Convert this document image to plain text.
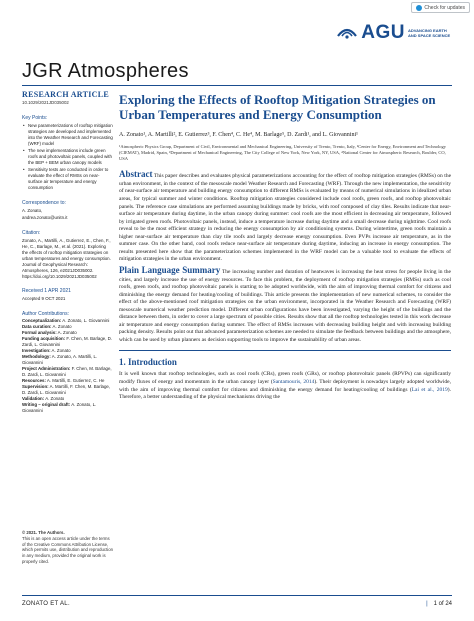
Check for updates
AGU ADVANCING EARTH AND SPACE SCIENCE
JGR Atmospheres
RESEARCH ARTICLE
10.1029/2021JD035002
Key Points:
• New parameterizations of rooftop mitigation strategies are developed and implemented into the Weather Research and Forecasting (WRF) model
• The new implementations include green roofs and photovoltaic panels, coupled with the BEP + BEM urban canopy models
• Sensitivity tests are conducted in order to evaluate the effect of RMSs on near-surface air temperature and energy consumption
Correspondence to:
A. Zonato,
andrea.zonato@unitn.it
Citation:
Zonato, A., Martilli, A., Gutierrez, E., Chen, F., He, C., Barlage, M., et al. (2021). Exploring the effects of rooftop mitigation strategies on urban temperatures and energy consumption. Journal of Geophysical Research: Atmospheres, 126, e2021JD035002. https://doi.org/10.1029/2021JD035002
Received 1 APR 2021
Accepted 9 OCT 2021
Author Contributions:
Conceptualization: A. Zonato, L. Giovannini
Data curation: A. Zonato
Formal analysis: A. Zonato
Funding acquisition: F. Chen, M. Barlage, D. Zardi, L. Giovannini
Investigation: A. Zonato
Methodology: A. Zonato, A. Martilli, L. Giovannini
Project Administration: F. Chen, M. Barlage, D. Zardi, L. Giovannini
Resources: A. Martilli, E. Gutierrez, C. He
Supervision: A. Martilli, F. Chen, M. Barlage, D. Zardi, L. Giovannini
Validation: A. Zonato
Writing – original draft: A. Zonato, L. Giovannini
© 2021. The Authors.
This is an open access article under the terms of the Creative Commons Attribution License, which permits use, distribution and reproduction in any medium, provided the original work is properly cited.
Exploring the Effects of Rooftop Mitigation Strategies on Urban Temperatures and Energy Consumption
A. Zonato¹, A. Martilli², E. Gutierrez³, F. Chen⁴, C. He⁴, M. Barlage⁵, D. Zardi¹, and L. Giovannini¹
¹Atmospheric Physics Group, Department of Civil, Environmental and Mechanical Engineering, University of Trento, Trento, Italy, ²Center for Energy, Environment and Technology (CIEMAT), Madrid, Spain, ³Department of Mechanical Engineering, The City College of New York, New York, NY, USA, ⁴National Center for Atmospheric Research, Boulder, CO, USA
Abstract This paper describes and evaluates physical parameterizations accounting for the effect of rooftop mitigation strategies (RMSs) on the urban environment, in the context of the mesoscale model Weather Research and Forecasting (WRF). Through the new implementation, the sensitivity of near-surface air temperature and building energy consumption to different RMSs is evaluated by means of numerical simulations in idealized urban areas, for typical summer and winter conditions. Rooftop mitigation strategies considered include cool roofs, green roofs, and rooftop photovoltaic panels. The reference case simulations are performed assuming buildings made by bricks, with roof composed of clay tiles. Results indicate that near-surface air temperature during daytime, in the urban canopy during summer: cool roofs are the most efficient in decreasing air temperature, followed by irrigated green roofs. Photovoltaic panels, instead, induce a temperature increase during daytime and a small decrease during nighttime. Cool roofs reveal to be the most efficient strategy in reducing the energy consumption by air conditioning systems. During wintertime, green roofs maintain a higher near-surface air temperature than clay tile roofs and largely decrease energy consumption. Even PVPs increase air temperature, as in the summer case. On the other hand, cool roofs reduce near-surface air temperature during daytime, inducing an increase in energy consumption. The results presented here show that the parameterization schemes implemented in the WRF model can be a valuable tool to evaluate the effects of mitigation strategies in the urban environment.
Plain Language Summary The increasing number and duration of heatwaves is increasing the heat stress for people living in the cities, and largely increase the use of energy resources. To face this problem, the deployment of rooftop mitigation strategies (RMSs) such as cool roofs, green roofs, and rooftop photovoltaic panels is starting to be adopted worldwide, with the aim of improving thermal comfort for citizens and diminishing the energy demand for heating/cooling of buildings. This article presents the implementation of new numerical schemes, to consider the effect of the above-mentioned roof mitigation strategies on the urban environment, incorporated in the Weather Research and Forecasting (WRF) mesoscale numerical weather prediction model. Different urban configurations have been investigated, varying the height of the buildings and the distance between them, in order to cover a large spectrum of possible cities. Results show that all the rooftop technologies tested in this work decrease air temperature and energy consumption during summer. The effect of RMSs increases with decreasing building height and with increasing building packing density. Results point out that advanced parameterization schemes are needed to simulate the feedback between buildings and the atmosphere, which can be used by urban planners as decision supporting tools to improve the sustainability of urban areas.
1. Introduction
It is well known that rooftop technologies, such as cool roofs (CRs), green roofs (GRs), or rooftop photovoltaic panels (RPVPs) can significantly modify fluxes of energy and momentum in the urban canopy layer (Santamouris, 2014). Their deployment is nowadays largely adopted worldwide, with the aim of improving thermal comfort for citizens and diminishing the energy demand for heating/cooling of buildings (Lai et al., 2019). Therefore, a better understanding of the physical mechanisms driving the
ZONATO ET AL.	| 1 of 24
